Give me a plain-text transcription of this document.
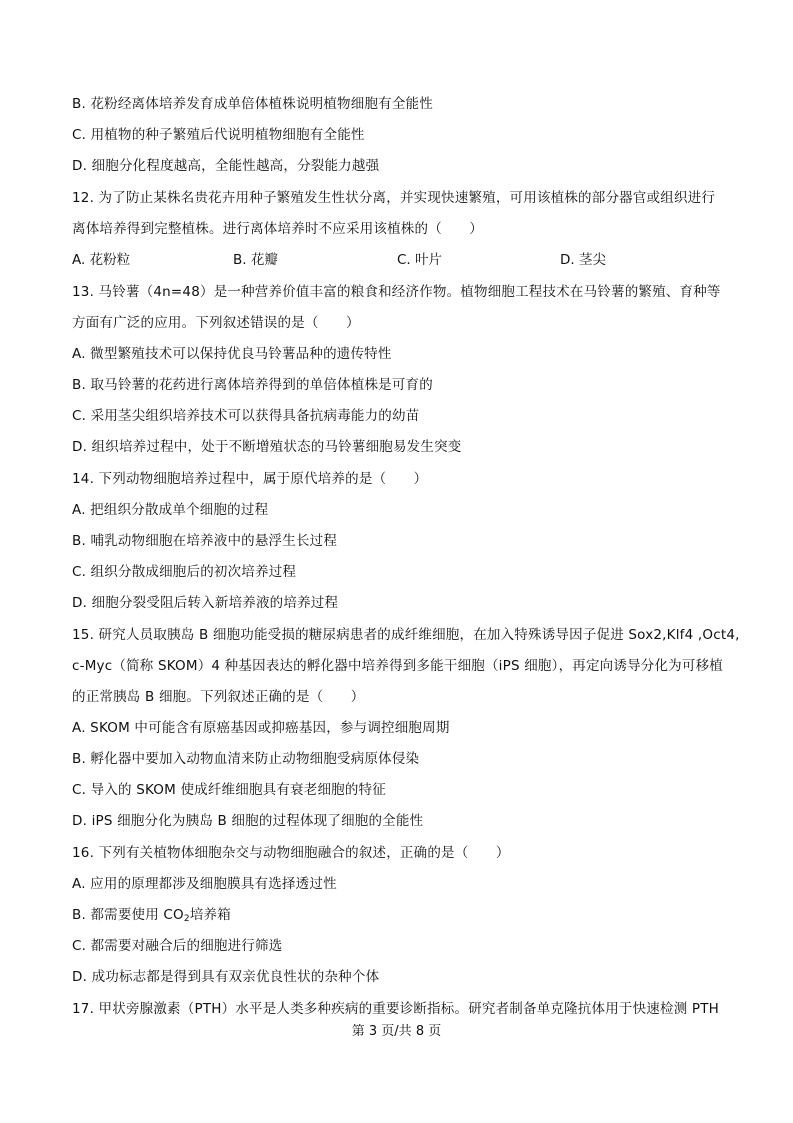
B. 花粉经离体培养发育成单倍体植株说明植物细胞有全能性
C. 用植物的种子繁殖后代说明植物细胞有全能性
D. 细胞分化程度越高，全能性越高，分裂能力越强
12. 为了防止某株名贵花卉用种子繁殖发生性状分离，并实现快速繁殖，可用该植株的部分器官或组织进行
离体培养得到完整植株。进行离体培养时不应采用该植株的（　　）
A. 花粉粒	B. 花瓣	C. 叶片	D. 茎尖
13. 马铃薯（4n=48）是一种营养价值丰富的粮食和经济作物。植物细胞工程技术在马铃薯的繁殖、育种等
方面有广泛的应用。下列叙述错误的是（　　）
A. 微型繁殖技术可以保持优良马铃薯品种的遗传特性
B. 取马铃薯的花药进行离体培养得到的单倍体植株是可育的
C. 采用茎尖组织培养技术可以获得具备抗病毒能力的幼苗
D. 组织培养过程中，处于不断增殖状态的马铃薯细胞易发生突变
14. 下列动物细胞培养过程中，属于原代培养的是（　　）
A. 把组织分散成单个细胞的过程
B. 哺乳动物细胞在培养液中的悬浮生长过程
C. 组织分散成细胞后的初次培养过程
D. 细胞分裂受阻后转入新培养液的培养过程
15. 研究人员取胰岛 B 细胞功能受损的糖尿病患者的成纤维细胞，在加入特殊诱导因子促进 Sox2,Klf4 ,Oct4,
c-Myc（简称 SKOM）4 种基因表达的孵化器中培养得到多能干细胞（iPS 细胞），再定向诱导分化为可移植
的正常胰岛 B 细胞。下列叙述正确的是（　　）
A. SKOM 中可能含有原癌基因或抑癌基因，参与调控细胞周期
B. 孵化器中要加入动物血清来防止动物细胞受病原体侵染
C. 导入的 SKOM 使成纤维细胞具有衰老细胞的特征
D. iPS 细胞分化为胰岛 B 细胞的过程体现了细胞的全能性
16. 下列有关植物体细胞杂交与动物细胞融合的叙述，正确的是（　　）
A. 应用的原理都涉及细胞膜具有选择透过性
B. 都需要使用 $CO_2$培养箱
C. 都需要对融合后的细胞进行筛选
D. 成功标志都是得到具有双亲优良性状的杂种个体
17. 甲状旁腺激素（PTH）水平是人类多种疾病的重要诊断指标。研究者制备单克隆抗体用于快速检测 PTH
第 3 页/共 8 页
